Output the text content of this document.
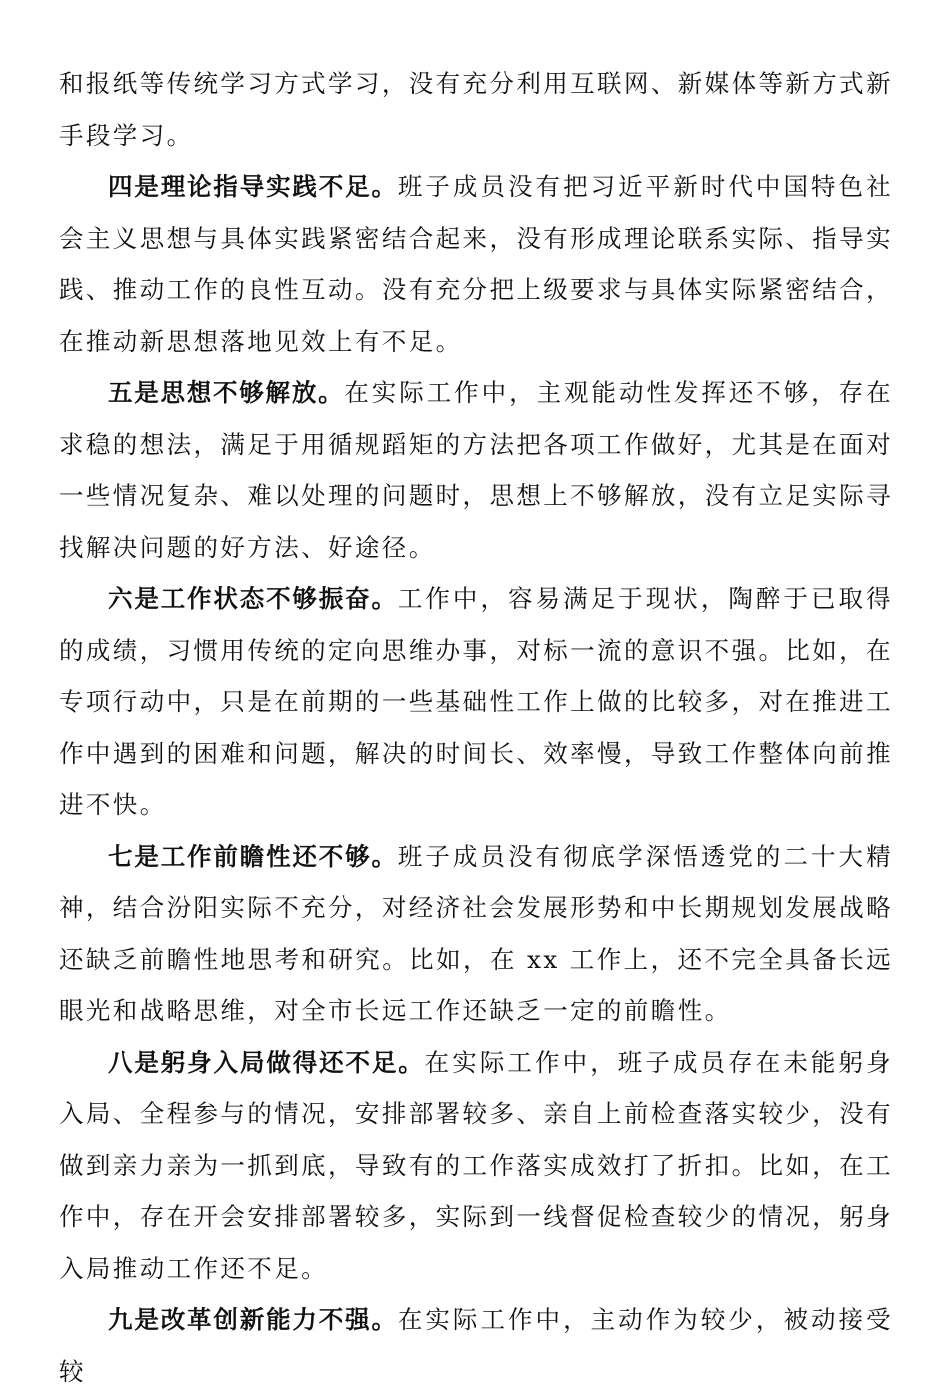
和报纸等传统学习方式学习，没有充分利用互联网、新媒体等新方式新手段学习。

四是理论指导实践不足。班子成员没有把习近平新时代中国特色社会主义思想与具体实践紧密结合起来，没有形成理论联系实际、指导实践、推动工作的良性互动。没有充分把上级要求与具体实际紧密结合，在推动新思想落地见效上有不足。

五是思想不够解放。在实际工作中，主观能动性发挥还不够，存在求稳的想法，满足于用循规蹈矩的方法把各项工作做好，尤其是在面对一些情况复杂、难以处理的问题时，思想上不够解放，没有立足实际寻找解决问题的好方法、好途径。

六是工作状态不够振奋。工作中，容易满足于现状，陶醉于已取得的成绩，习惯用传统的定向思维办事，对标一流的意识不强。比如，在专项行动中，只是在前期的一些基础性工作上做的比较多，对在推进工作中遇到的困难和问题，解决的时间长、效率慢，导致工作整体向前推进不快。

七是工作前瞻性还不够。班子成员没有彻底学深悟透党的二十大精神，结合汾阳实际不充分，对经济社会发展形势和中长期规划发展战略还缺乏前瞻性地思考和研究。比如，在 xx 工作上，还不完全具备长远眼光和战略思维，对全市长远工作还缺乏一定的前瞻性。

八是躬身入局做得还不足。在实际工作中，班子成员存在未能躬身入局、全程参与的情况，安排部署较多、亲自上前检查落实较少，没有做到亲力亲为一抓到底，导致有的工作落实成效打了折扣。比如，在工作中，存在开会安排部署较多，实际到一线督促检查较少的情况，躬身入局推动工作还不足。

九是改革创新能力不强。在实际工作中，主动作为较少，被动接受较
